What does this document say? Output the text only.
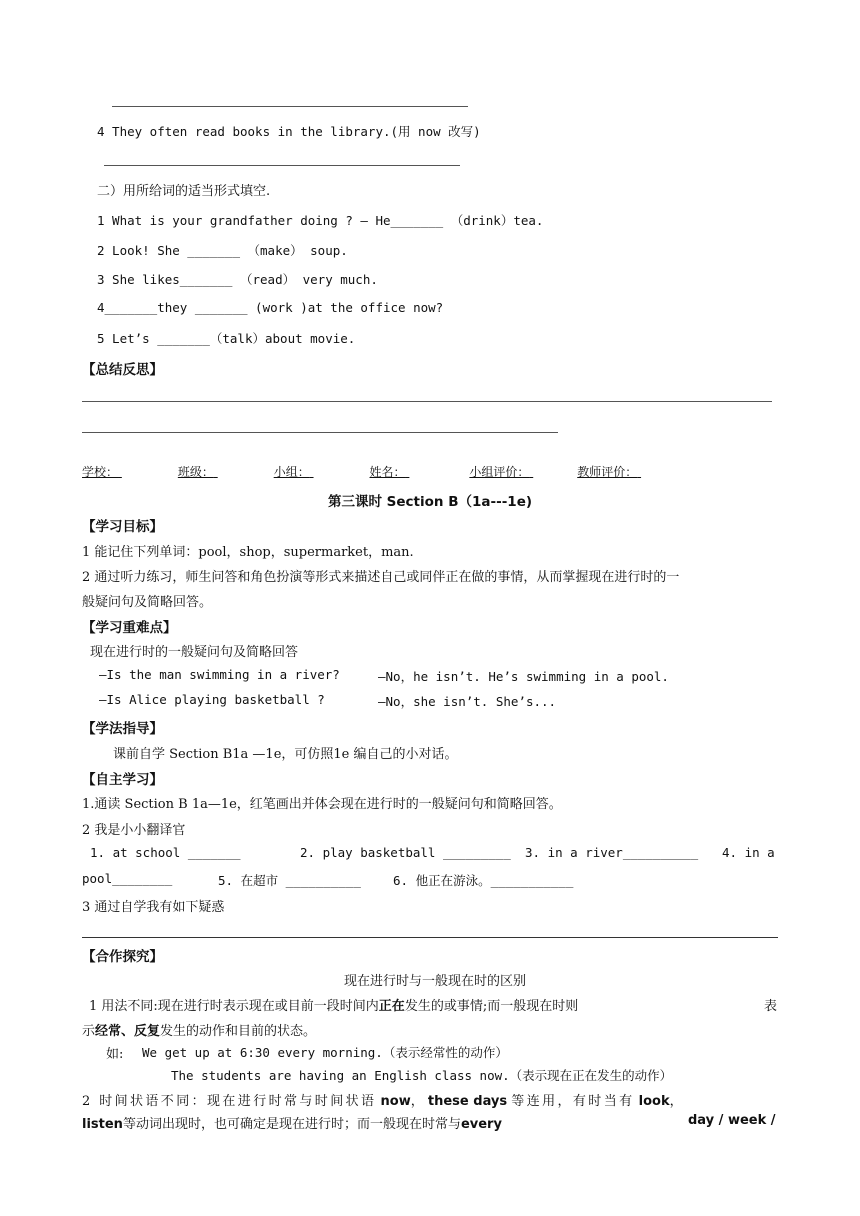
4 They often read books in the library.(用 now 改写)
二）用所给词的适当形式填空.
1 What is your grandfather doing ? — He_______ （drink）tea.
2 Look! She _______ （make） soup.
3 She likes_______ （read） very much.
4_______they _______ (work )at the office now?
5 Let’s _______（talk）about movie.
【总结反思】
学校：	班级：	小组：	姓名：	小组评价：	教师评价：
第三课时 Section B（1a---1e)
【学习目标】
1 能记住下列单词：pool，shop，supermarket，man.
2 通过听力练习，师生问答和角色扮演等形式来描述自己或同伴正在做的事情，从而掌握现在进行时的一
般疑问句及简略回答。
【学习重难点】
现在进行时的一般疑问句及简略回答
—Is the man swimming in a river?	—No，he isn’t. He’s swimming in a pool.
—Is Alice playing basketball ?	—No，she isn’t. She’s...
【学法指导】
课前自学 Section B1a —1e，可仿照1e 编自己的小对话。
【自主学习】
1.通读 Section B 1a—1e，红笔画出并体会现在进行时的一般疑问句和简略回答。
2 我是小小翻译官
1. at school _______	2. play basketball _________ 3. in a river__________ 4. in a
pool________	5. 在超市 __________	6. 他正在游泳。___________
3 通过自学我有如下疑惑
【合作探究】
现在进行时与一般现在时的区别
1 用法不同:现在进行时表示现在或目前一段时间内正在发生的或事情;而一般现在时则	表
示经常、反复发生的动作和目前的状态。
如: We get up at 6:30 every morning.（表示经常性的动作）
The students are having an English class now.（表示现在正在发生的动作）
2 时间状语不同：现在进行时常与时间状语 now， these days 等连用，有时当有 look，
listen等动词出现时，也可确定是现在进行时；而一般现在时常与every	day / week /
